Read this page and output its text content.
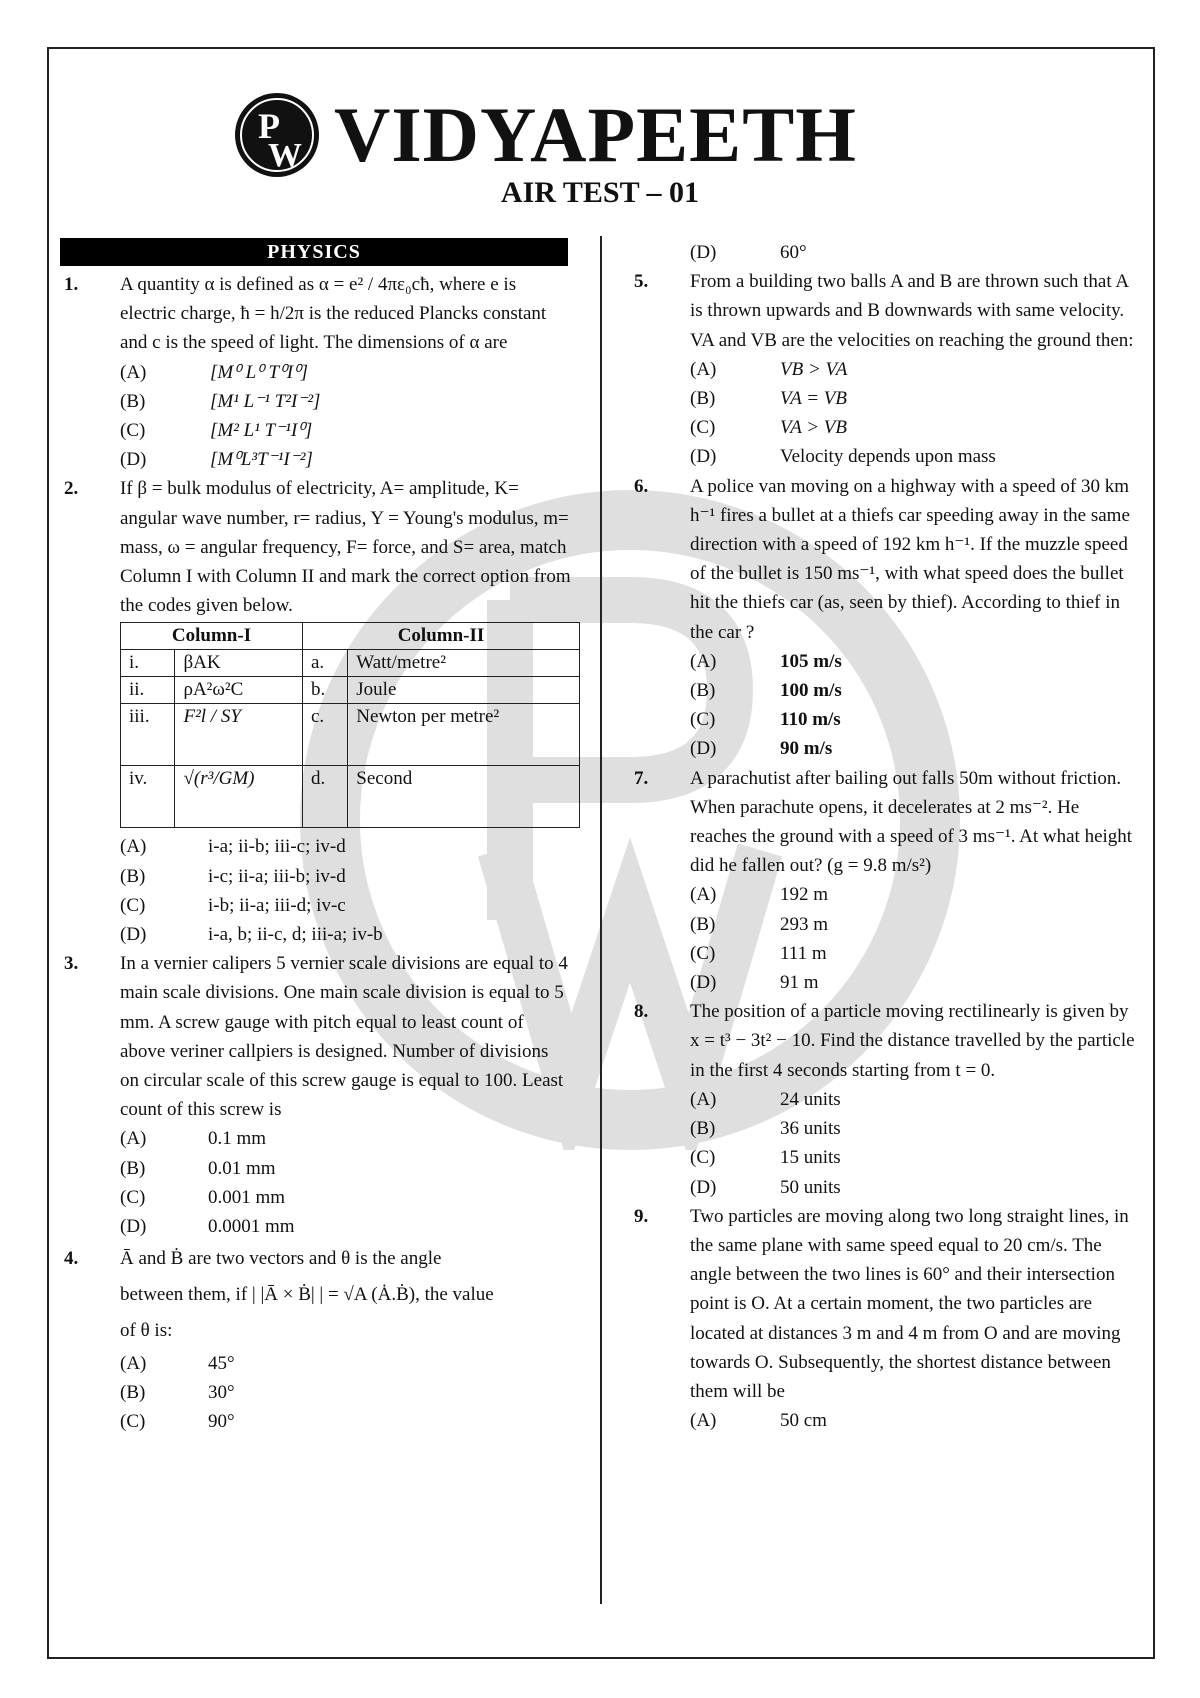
P
W VIDYAPEETH
AIR TEST – 01
PHYSICS
1.	A quantity α is defined as α = e² / 4πε₀cħ, where e is electric charge, ħ = h/2π is the reduced Plancks constant and c is the speed of light. The dimensions of α are

(A)	[M⁰ L⁰ T⁰I⁰]
(B)	[M¹ L⁻¹ T²I⁻²]
(C)	[M² L¹ T⁻¹I⁰]
(D)	[M⁰L³T⁻¹I⁻²]
2.	If β = bulk modulus of electricity, A= amplitude, K= angular wave number, r= radius, Y = Young's modulus, m= mass, ω = angular frequency, F= force, and S= area, match Column I with Column II and mark the correct option from the codes given below.

Column-I		Column-II	
i.	βAK	a.	Watt/metre²
ii.	ρA²ω²C	b.	Joule
iii.	F²l / SY	c.	Newton per metre²
iv.	√(r³/GM)	d.	Second
(A)	i-a; ii-b; iii-c; iv-d
(B)	i-c; ii-a; iii-b; iv-d
(C)	i-b; ii-a; iii-d; iv-c
(D)	i-a, b; ii-c, d; iii-a; iv-b
3.	In a vernier calipers 5 vernier scale divisions are equal to 4 main scale divisions. One main scale division is equal to 5 mm. A screw gauge with pitch equal to least count of above veriner callpiers is designed. Number of divisions on circular scale of this screw gauge is equal to 100. Least count of this screw is

(A)	0.1 mm
(B)	0.01 mm
(C)	0.001 mm
(D)	0.0001 mm
4.	Ā and Ḃ are two vectors and θ is the angle
between them, if | |Ā × Ḃ| | = √A (Ȧ.Ḃ), the value
of θ is:
(A)	45°
(B)	30°
(C)	90°
(D)	60°
5.	From a building two balls A and B are thrown such that A is thrown upwards and B downwards with same velocity. VA and VB are the velocities on reaching the ground then:

(A)	VB > VA
(B)	VA = VB
(C)	VA > VB
(D)	Velocity depends upon mass
6.	A police van moving on a highway with a speed of 30 km h⁻¹ fires a bullet at a thiefs car speeding away in the same direction with a speed of 192 km h⁻¹. If the muzzle speed of the bullet is 150 ms⁻¹, with what speed does the bullet hit the thiefs car (as, seen by thief). According to thief in the car ?

(A)	105 m/s
(B)	100 m/s
(C)	110 m/s
(D)	90 m/s
7.	A parachutist after bailing out falls 50m without friction. When parachute opens, it decelerates at 2 ms⁻². He reaches the ground with a speed of 3 ms⁻¹. At what height did he fallen out? (g = 9.8 m/s²)

(A)	192 m
(B)	293 m
(C)	111 m
(D)	91 m
8.	The position of a particle moving rectilinearly is given by x = t³ − 3t² − 10. Find the distance travelled by the particle in the first 4 seconds starting from t = 0.

(A)	24 units
(B)	36 units
(C)	15 units
(D)	50 units
9.	Two particles are moving along two long straight lines, in the same plane with same speed equal to 20 cm/s. The angle between the two lines is 60° and their intersection point is O. At a certain moment, the two particles are located at distances 3 m and 4 m from O and are moving towards O. Subsequently, the shortest distance between them will be

(A)	50 cm
